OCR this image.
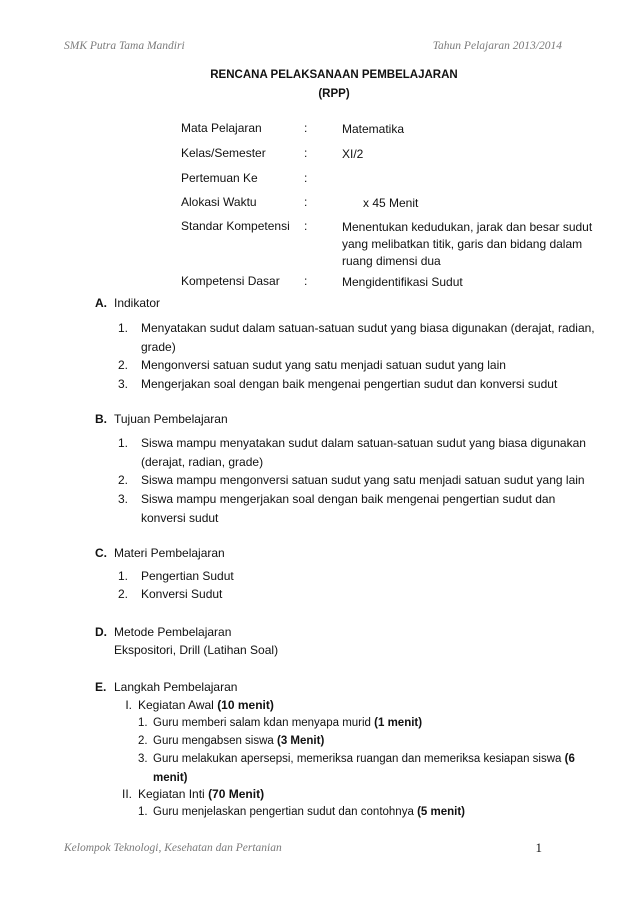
SMK Putra Tama Mandiri	Tahun Pelajaran 2013/2014
RENCANA PELAKSANAAN PEMBELAJARAN
(RPP)
Mata Pelajaran	:	Matematika
Kelas/Semester	:	XI/2
Pertemuan Ke	:
Alokasi Waktu	:	x 45 Menit
Standar Kompetensi :	Menentukan kedudukan, jarak dan besar sudut yang melibatkan titik, garis dan bidang dalam ruang dimensi dua
Kompetensi Dasar :	Mengidentifikasi Sudut
A. Indikator
1. Menyatakan sudut dalam satuan-satuan sudut yang biasa digunakan (derajat, radian, grade)
2. Mengonversi satuan sudut yang satu menjadi satuan sudut yang lain
3. Mengerjakan soal dengan baik mengenai pengertian sudut dan konversi sudut
B. Tujuan Pembelajaran
1. Siswa mampu menyatakan sudut dalam satuan-satuan sudut yang biasa digunakan (derajat, radian, grade)
2. Siswa mampu mengonversi satuan sudut yang satu menjadi satuan sudut yang lain
3. Siswa mampu mengerjakan soal dengan baik mengenai pengertian sudut dan konversi sudut
C. Materi Pembelajaran
1. Pengertian Sudut
2. Konversi Sudut
D. Metode Pembelajaran
Ekspositori, Drill (Latihan Soal)
E. Langkah Pembelajaran
I. Kegiatan Awal (10 menit)
1. Guru memberi salam kdan menyapa murid (1 menit)
2. Guru mengabsen siswa (3 Menit)
3. Guru melakukan apersepsi, memeriksa ruangan dan memeriksa kesiapan siswa (6 menit)
II. Kegiatan Inti (70 Menit)
1. Guru menjelaskan pengertian sudut dan contohnya (5 menit)
Kelompok Teknologi, Kesehatan dan Pertanian	1
